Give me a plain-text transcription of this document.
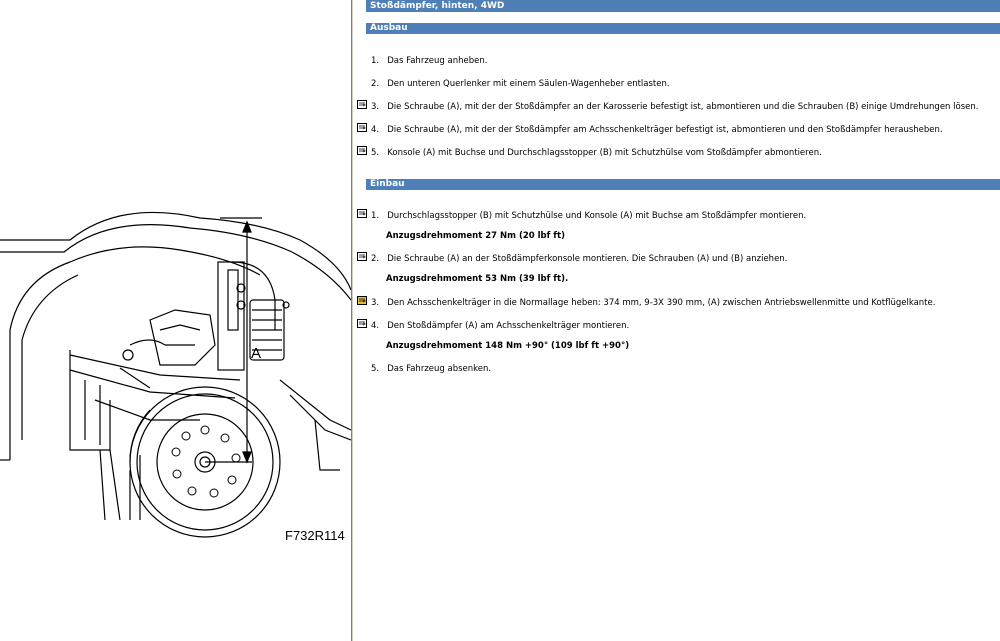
A
F732R114
Stoßdämpfer, hinten, 4WD
Ausbau
1. Das Fahrzeug anheben.
2. Den unteren Querlenker mit einem Säulen-Wagenheber entlasten.
3. Die Schraube (A), mit der der Stoßdämpfer an der Karosserie befestigt ist, abmontieren und die Schrauben (B) einige Umdrehungen lösen.
4. Die Schraube (A), mit der der Stoßdämpfer am Achsschenkelträger befestigt ist, abmontieren und den Stoßdämpfer herausheben.
5. Konsole (A) mit Buchse und Durchschlagsstopper (B) mit Schutzhülse vom Stoßdämpfer abmontieren.
Einbau
1. Durchschlagsstopper (B) mit Schutzhülse und Konsole (A) mit Buchse am Stoßdämpfer montieren.
Anzugsdrehmoment 27 Nm (20 lbf ft)
2. Die Schraube (A) an der Stoßdämpferkonsole montieren. Die Schrauben (A) und (B) anziehen.
Anzugsdrehmoment 53 Nm (39 lbf ft).
3. Den Achsschenkelträger in die Normallage heben: 374 mm, 9-3X 390 mm, (A) zwischen Antriebswellenmitte und Kotflügelkante.
4. Den Stoßdämpfer (A) am Achsschenkelträger montieren.
Anzugsdrehmoment 148 Nm +90° (109 lbf ft +90°)
5. Das Fahrzeug absenken.
